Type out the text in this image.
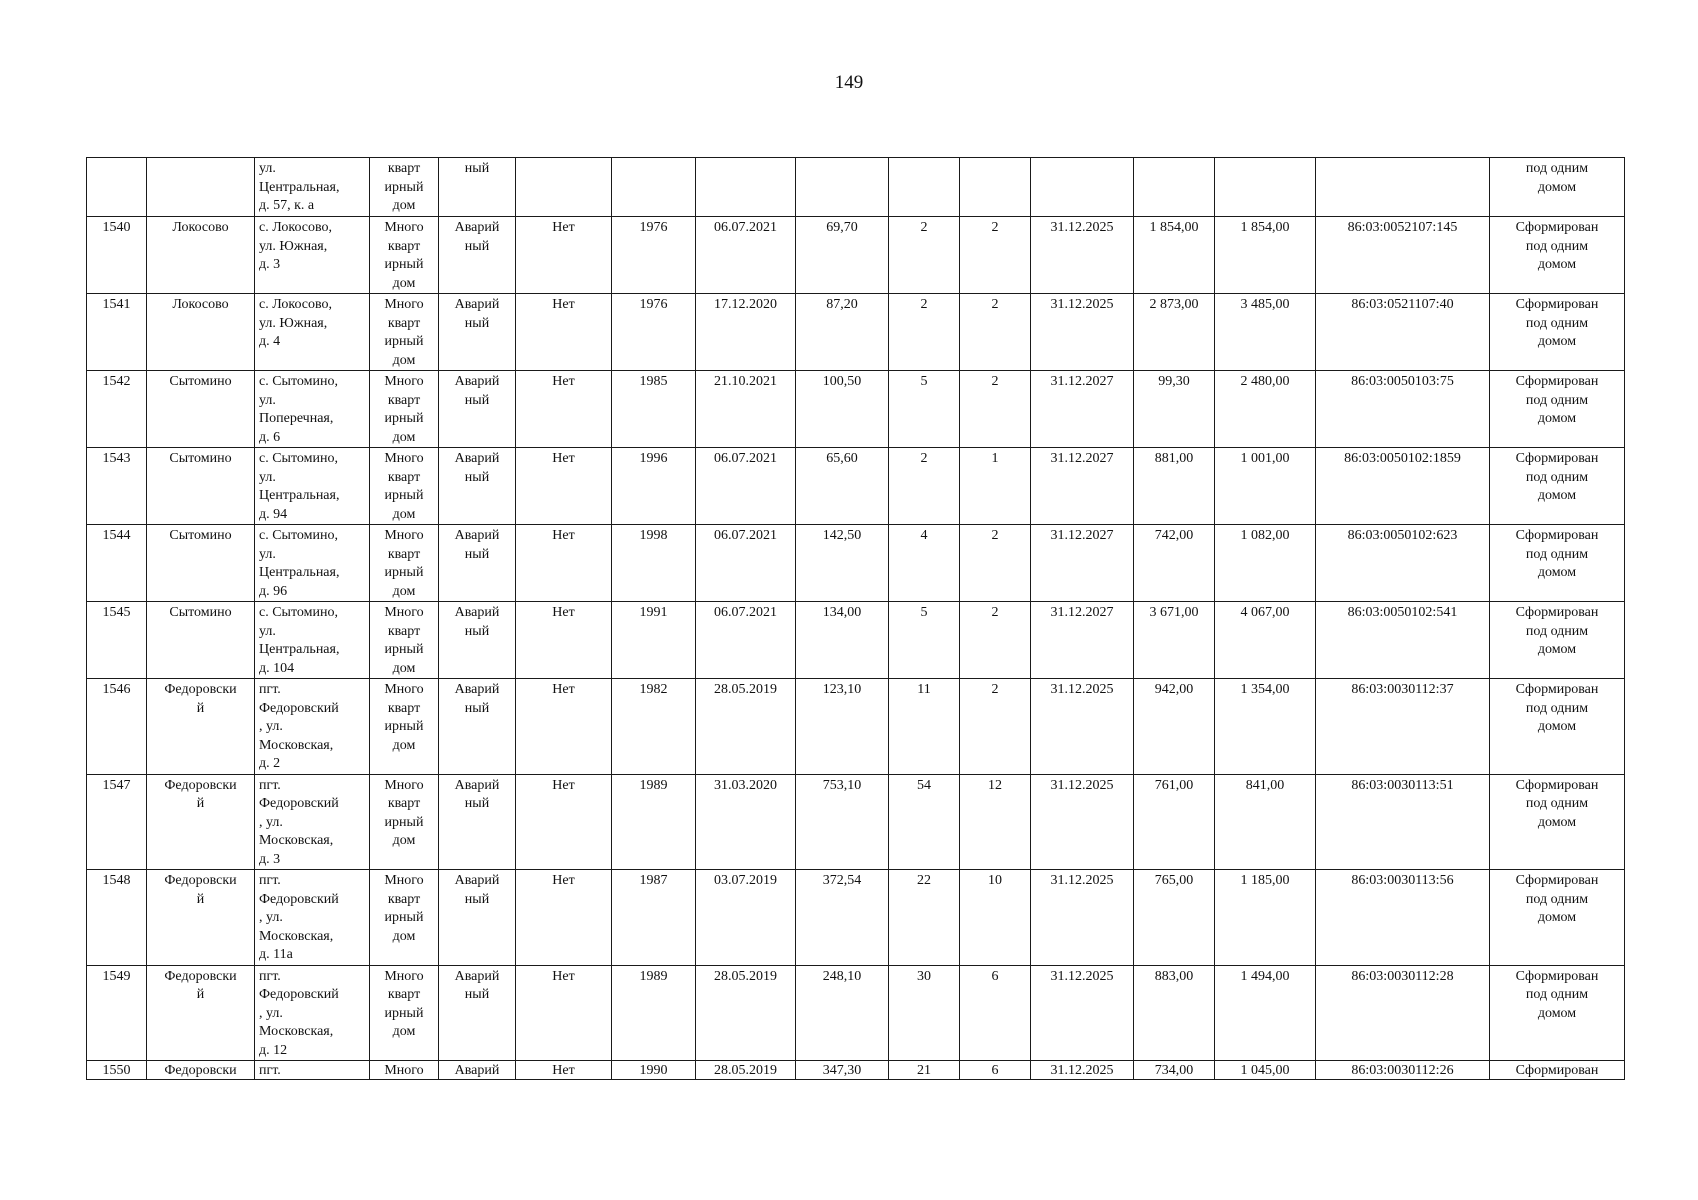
149
		ул.
Центральная,
д. 57, к. а	кварт
ирный
дом	ный											под одним
домом
1540	Локосово	с. Локосово,
ул. Южная,
д. 3	Много
кварт
ирный
дом	Аварий
ный	Нет	1976	06.07.2021	69,70	2	2	31.12.2025	1 854,00	1 854,00	86:03:0052107:145	Сформирован
под одним
домом
1541	Локосово	с. Локосово,
ул. Южная,
д. 4	Много
кварт
ирный
дом	Аварий
ный	Нет	1976	17.12.2020	87,20	2	2	31.12.2025	2 873,00	3 485,00	86:03:0521107:40	Сформирован
под одним
домом
1542	Сытомино	с. Сытомино,
ул.
Поперечная,
д. 6	Много
кварт
ирный
дом	Аварий
ный	Нет	1985	21.10.2021	100,50	5	2	31.12.2027	99,30	2 480,00	86:03:0050103:75	Сформирован
под одним
домом
1543	Сытомино	с. Сытомино,
ул.
Центральная,
д. 94	Много
кварт
ирный
дом	Аварий
ный	Нет	1996	06.07.2021	65,60	2	1	31.12.2027	881,00	1 001,00	86:03:0050102:1859	Сформирован
под одним
домом
1544	Сытомино	с. Сытомино,
ул.
Центральная,
д. 96	Много
кварт
ирный
дом	Аварий
ный	Нет	1998	06.07.2021	142,50	4	2	31.12.2027	742,00	1 082,00	86:03:0050102:623	Сформирован
под одним
домом
1545	Сытомино	с. Сытомино,
ул.
Центральная,
д. 104	Много
кварт
ирный
дом	Аварий
ный	Нет	1991	06.07.2021	134,00	5	2	31.12.2027	3 671,00	4 067,00	86:03:0050102:541	Сформирован
под одним
домом
1546	Федоровски
й	пгт.
Федоровский
, ул.
Московская,
д. 2	Много
кварт
ирный
дом	Аварий
ный	Нет	1982	28.05.2019	123,10	11	2	31.12.2025	942,00	1 354,00	86:03:0030112:37	Сформирован
под одним
домом
1547	Федоровски
й	пгт.
Федоровский
, ул.
Московская,
д. 3	Много
кварт
ирный
дом	Аварий
ный	Нет	1989	31.03.2020	753,10	54	12	31.12.2025	761,00	841,00	86:03:0030113:51	Сформирован
под одним
домом
1548	Федоровски
й	пгт.
Федоровский
, ул.
Московская,
д. 11а	Много
кварт
ирный
дом	Аварий
ный	Нет	1987	03.07.2019	372,54	22	10	31.12.2025	765,00	1 185,00	86:03:0030113:56	Сформирован
под одним
домом
1549	Федоровски
й	пгт.
Федоровский
, ул.
Московская,
д. 12	Много
кварт
ирный
дом	Аварий
ный	Нет	1989	28.05.2019	248,10	30	6	31.12.2025	883,00	1 494,00	86:03:0030112:28	Сформирован
под одним
домом
1550	Федоровски	пгт.	Много	Аварий	Нет	1990	28.05.2019	347,30	21	6	31.12.2025	734,00	1 045,00	86:03:0030112:26	Сформирован
